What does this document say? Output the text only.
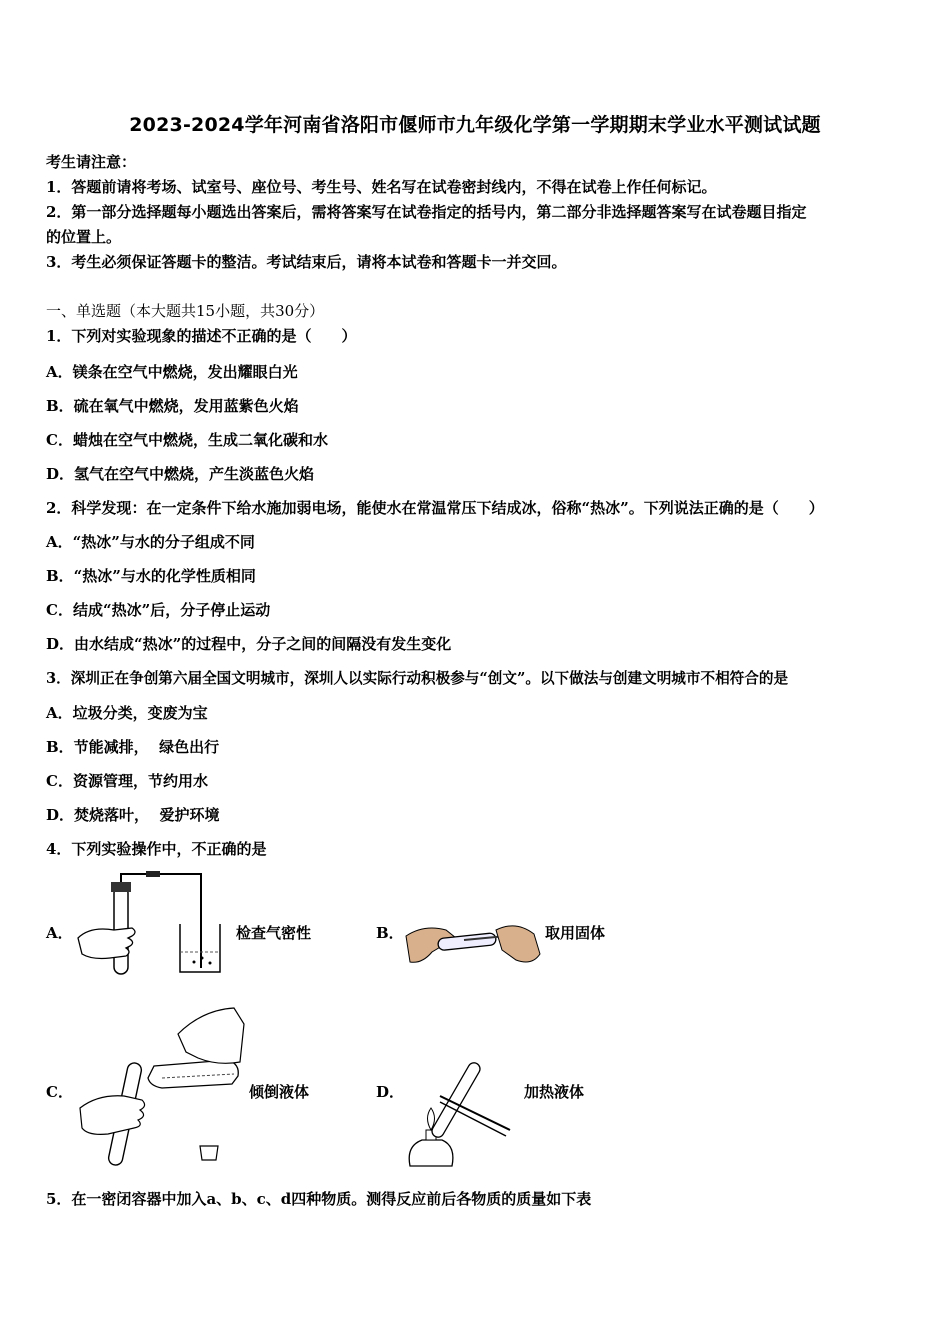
2023-2024学年河南省洛阳市偃师市九年级化学第一学期期末学业水平测试试题
考生请注意：
1．答题前请将考场、试室号、座位号、考生号、姓名写在试卷密封线内，不得在试卷上作任何标记。
2．第一部分选择题每小题选出答案后，需将答案写在试卷指定的括号内，第二部分非选择题答案写在试卷题目指定
的位置上。
3．考生必须保证答题卡的整洁。考试结束后，请将本试卷和答题卡一并交回。
一、单选题（本大题共15小题，共30分）
1．下列对实验现象的描述不正确的是（　　）
A．镁条在空气中燃烧，发出耀眼白光
B．硫在氧气中燃烧，发用蓝紫色火焰
C．蜡烛在空气中燃烧，生成二氧化碳和水
D．氢气在空气中燃烧，产生淡蓝色火焰
2．科学发现：在一定条件下给水施加弱电场，能使水在常温常压下结成冰，俗称“热冰”。下列说法正确的是（　　）
A．“热冰”与水的分子组成不同
B．“热冰”与水的化学性质相同
C．结成“热冰”后，分子停止运动
D．由水结成“热冰”的过程中，分子之间的间隔没有发生变化
3．深圳正在争创第六届全国文明城市，深圳人以实际行动积极参与“创文”。以下做法与创建文明城市不相符合的是
A．垃圾分类，变废为宝
B．节能减排，  绿色出行
C．资源管理，节约用水
D．焚烧落叶，  爱护环境
4．下列实验操作中，不正确的是
A．	检查气密性	B．	取用固体
C．	倾倒液体	D．	加热液体
5．在一密闭容器中加入a、b、c、d四种物质。测得反应前后各物质的质量如下表
